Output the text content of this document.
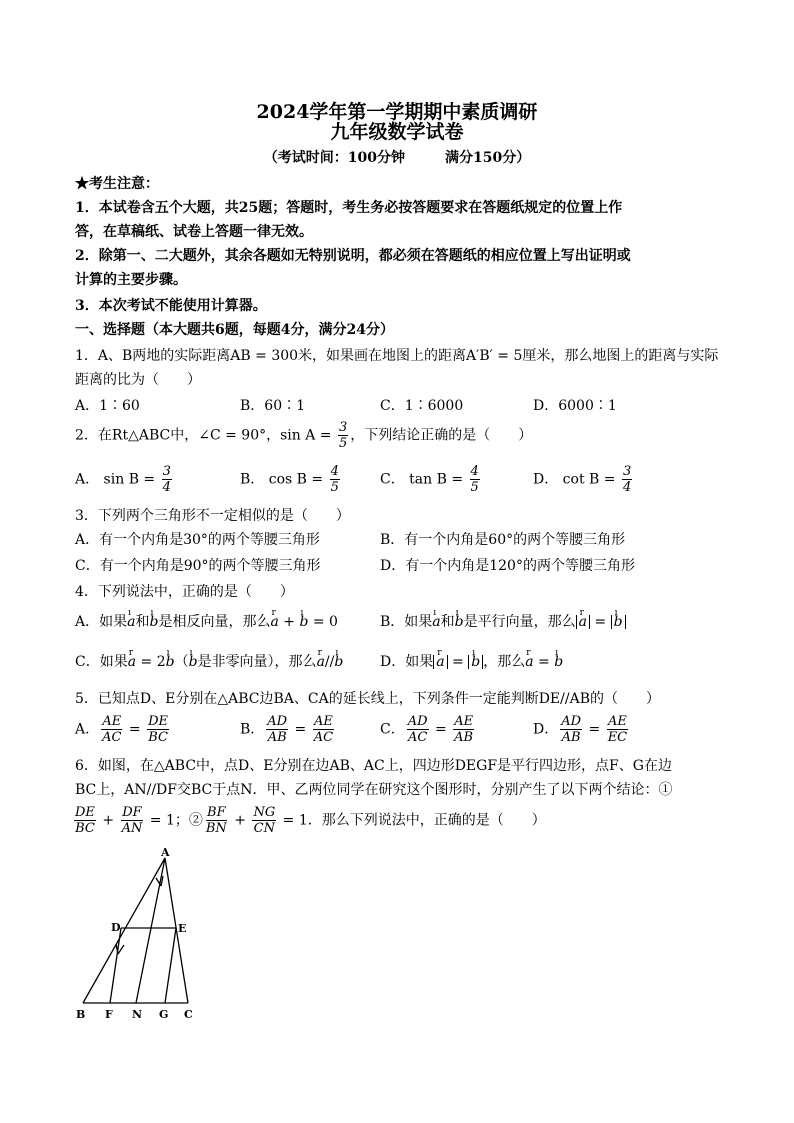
2024学年第一学期期中素质调研
九年级数学试卷
（考试时间：100分钟	满分150分）
★考生注意：
1．本试卷含五个大题，共25题；答题时，考生务必按答题要求在答题纸规定的位置上作
答，在草稿纸、试卷上答题一律无效。
2．除第一、二大题外，其余各题如无特别说明，都必须在答题纸的相应位置上写出证明或
计算的主要步骤。
3．本次考试不能使用计算器。
一、选择题（本大题共6题，每题4分，满分24分）
1．A、B两地的实际距离AB = 300米，如果画在地图上的距离A′B′ = 5厘米，那么地图上的距离与实际
距离的比为（　　）
A．1∶60	B．60∶1	C．1∶6000	D．6000∶1
2．在Rt△ABC中，∠C = 90°，$\sin A = \frac{3}{5}$ ，下列结论正确的是（　　）
A． $\sin B = \frac{3}{4}$	B． $\cos B = \frac{4}{5}$	C． $\tan B = \frac{4}{5}$	D． $\cot B = \frac{3}{4}$
3．下列两个三角形不一定相似的是（　　）
A．有一个内角是30°的两个等腰三角形	B．有一个内角是60°的两个等腰三角形
C．有一个内角是90°的两个等腰三角形	D．有一个内角是120°的两个等腰三角形
4．下列说法中，正确的是（　　）
A．如果ı a和ı b是相反向量，那么r a + ı b = 0	B．如果ı a和ı b是平行向量，那么 r a = ı b
C．如果r a = 2ı b（ı b是非零向量），那么r a//ı b	D．如果 r a = ı b ，那么r a = ı b
5．已知点D、E分别在△ABC边BA、CA的延长线上，下列条件一定能判断DE//AB的（　　）
A． $\frac{AE}{AC} = \frac{DE}{BC}$	B． $\frac{AD}{AB} = \frac{AE}{AC}$	C． $\frac{AD}{AC} = \frac{AE}{AB}$	D． $\frac{AD}{AB} = \frac{AE}{EC}$
6．如图，在△ABC中，点D、E分别在边AB、AC上，四边形DEGF是平行四边形，点F、G在边
BC上，AN//DF交BC于点N．甲、乙两位同学在研究这个图形时，分别产生了以下两个结论：①
$\frac{DE}{BC} + \frac{DF}{AN} = 1$；② $\frac{BF}{BN} + \frac{NG}{CN} = 1$．那么下列说法中，正确的是（　　）
A
D	E
B F N G C
